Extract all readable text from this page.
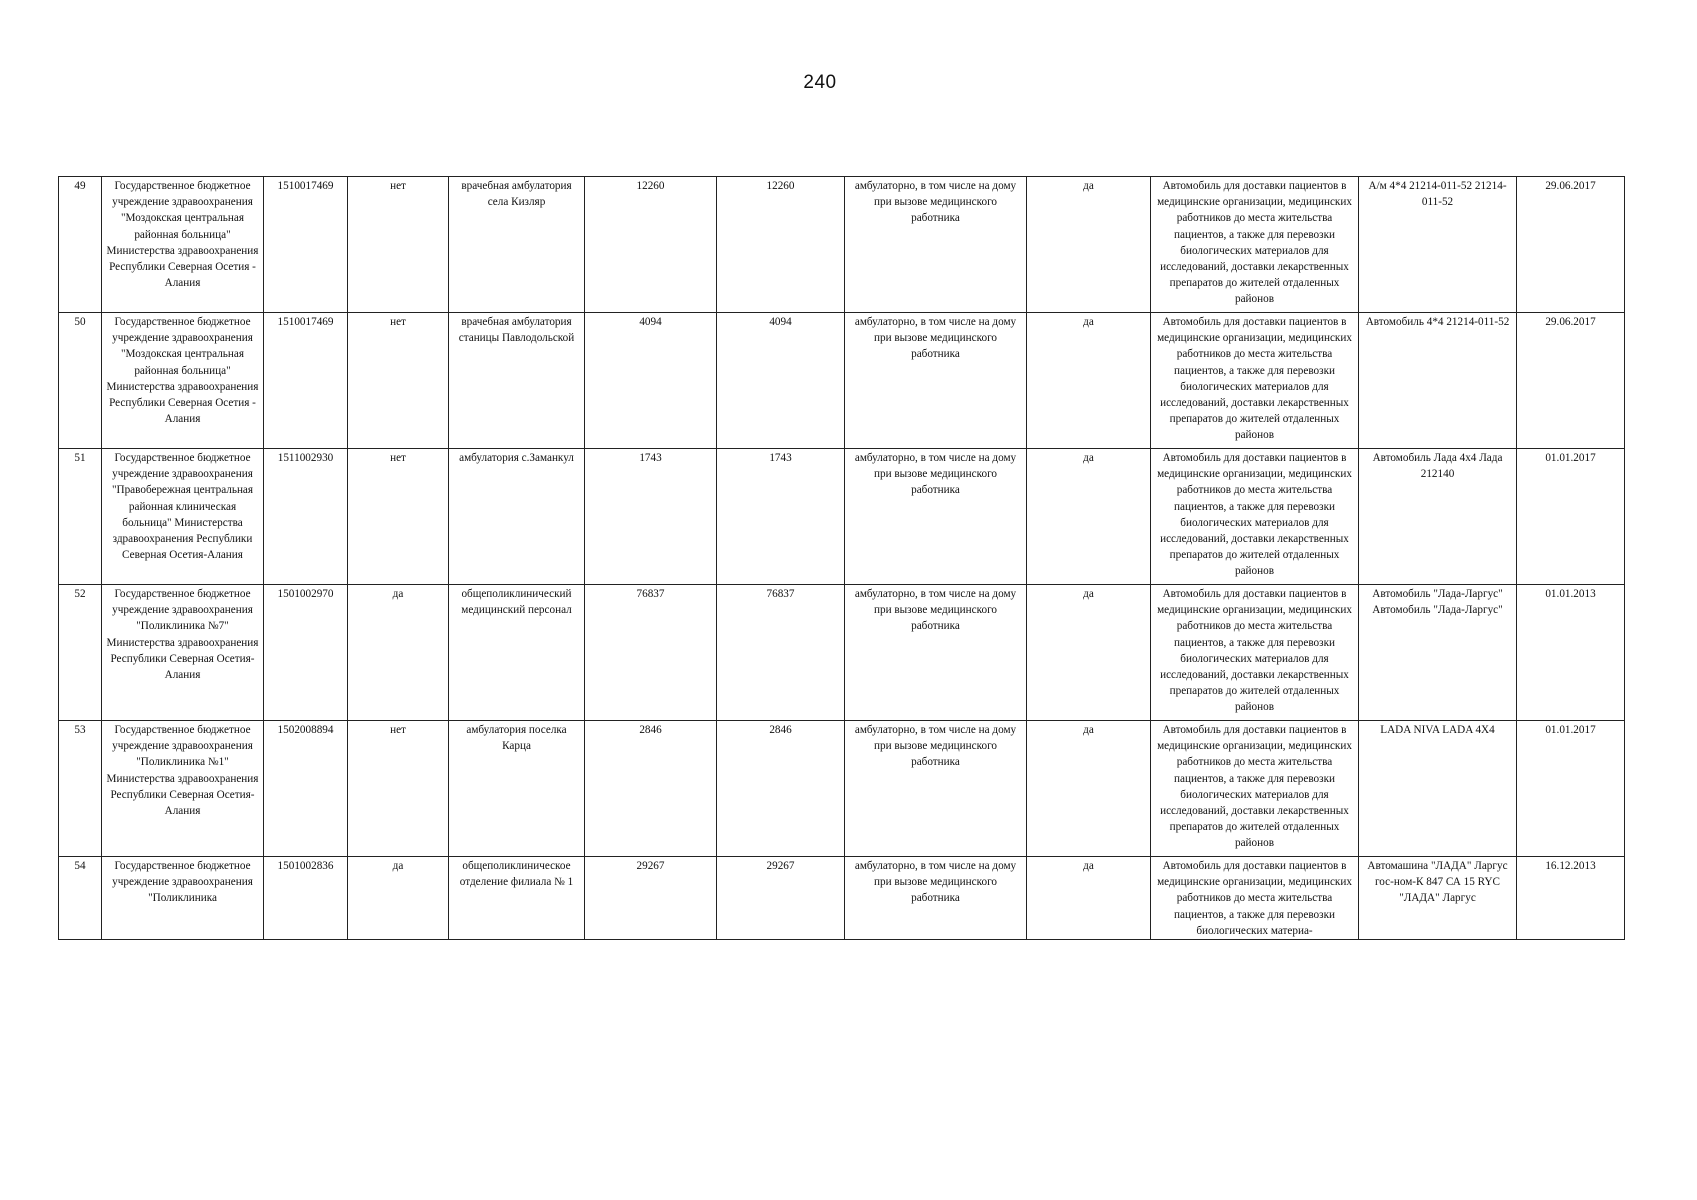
240
49	Государственное бюджетное учреждение здравоохранения "Моздокская центральная районная больница" Министерства здравоохранения Республики Северная Осетия - Алания	1510017469	нет	врачебная амбулатория села Кизляр	12260	12260	амбулаторно, в том числе на дому при вызове медицинского работника	да	Автомобиль для доставки пациентов в медицинские организации, медицинских работников до места жительства пациентов, а также для перевозки биологических материалов для исследований, доставки лекарственных препаратов до жителей отдаленных районов	А/м 4*4 21214-011-52 21214-011-52	29.06.2017
50	Государственное бюджетное учреждение здравоохранения "Моздокская центральная районная больница" Министерства здравоохранения Республики Северная Осетия - Алания	1510017469	нет	врачебная амбулатория станицы Павлодольской	4094	4094	амбулаторно, в том числе на дому при вызове медицинского работника	да	Автомобиль для доставки пациентов в медицинские организации, медицинских работников до места жительства пациентов, а также для перевозки биологических материалов для исследований, доставки лекарственных препаратов до жителей отдаленных районов	Автомобиль 4*4 21214-011-52	29.06.2017
51	Государственное бюджетное учреждение здравоохранения "Правобережная центральная районная клиническая больница" Министерства здравоохранения Республики Северная Осетия-Алания	1511002930	нет	амбулатория с.Заманкул	1743	1743	амбулаторно, в том числе на дому при вызове медицинского работника	да	Автомобиль для доставки пациентов в медицинские организации, медицинских работников до места жительства пациентов, а также для перевозки биологических материалов для исследований, доставки лекарственных препаратов до жителей отдаленных районов	Автомобиль Лада 4х4 Лада 212140	01.01.2017
52	Государственное бюджетное учреждение здравоохранения "Поликлиника №7" Министерства здравоохранения Республики Северная Осетия-Алания	1501002970	да	общеполиклинический медицинский персонал	76837	76837	амбулаторно, в том числе на дому при вызове медицинского работника	да	Автомобиль для доставки пациентов в медицинские организации, медицинских работников до места жительства пациентов, а также для перевозки биологических материалов для исследований, доставки лекарственных препаратов до жителей отдаленных районов	Автомобиль "Лада-Ларгус" Автомобиль "Лада-Ларгус"	01.01.2013
53	Государственное бюджетное учреждение здравоохранения "Поликлиника №1" Министерства здравоохранения Республики Северная Осетия-Алания	1502008894	нет	амбулатория поселка Карца	2846	2846	амбулаторно, в том числе на дому при вызове медицинского работника	да	Автомобиль для доставки пациентов в медицинские организации, медицинских работников до места жительства пациентов, а также для перевозки биологических материалов для исследований, доставки лекарственных препаратов до жителей отдаленных районов	LADA NIVA LADA 4X4	01.01.2017
54	Государственное бюджетное учреждение здравоохранения "Поликлиника	1501002836	да	общеполиклиническое отделение филиала № 1	29267	29267	амбулаторно, в том числе на дому при вызове медицинского работника	да	Автомобиль для доставки пациентов в медицинские организации, медицинских работников до места жительства пациентов, а также для перевозки биологических материа-	Автомашина "ЛАДА" Ларгус гос-ном-К 847 СА 15 RYC "ЛАДА" Ларгус	16.12.2013
